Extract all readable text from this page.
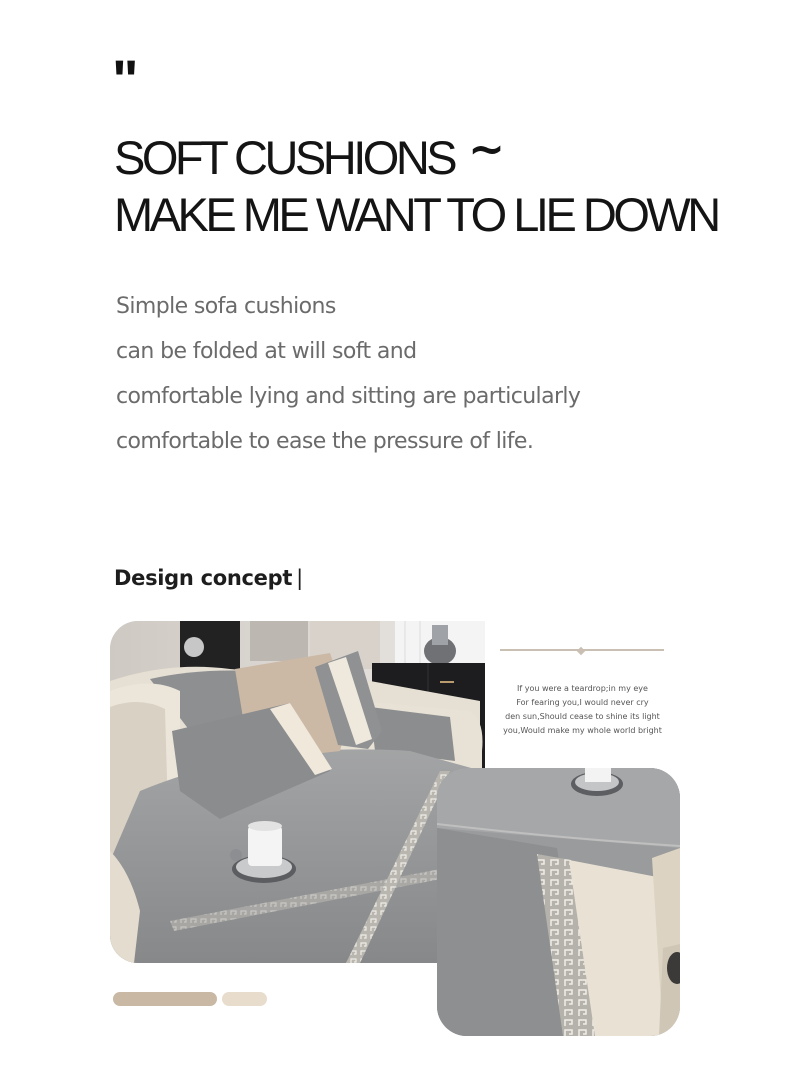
"
SOFT CUSHIONS ~
MAKE ME WANT TO LIE DOWN

Simple sofa cushions
can be folded at will soft and
comfortable lying and sitting are particularly
comfortable to ease the pressure of life.

Design concept |
If you were a teardrop;in my eye
For fearing you,I would never cry
den sun,Should cease to shine its light
you,Would make my whole world bright
